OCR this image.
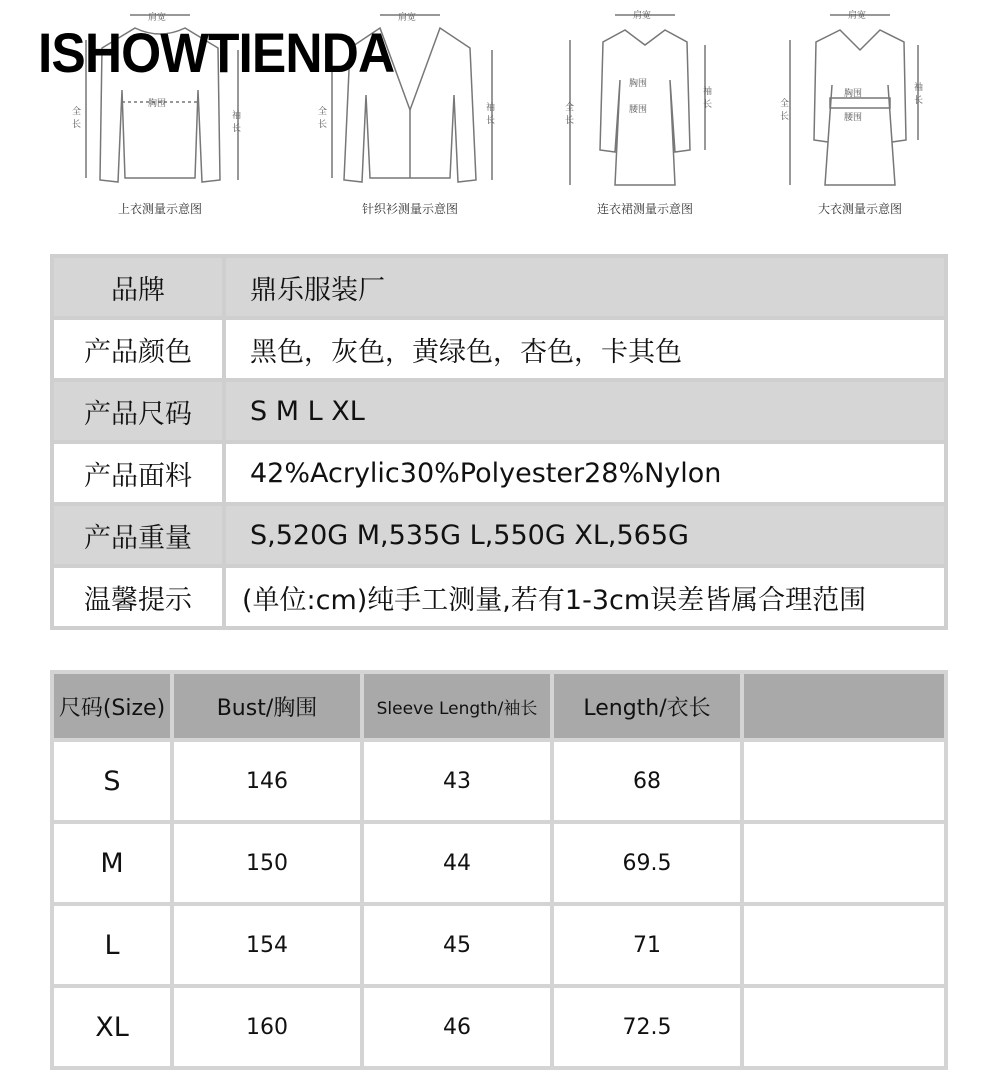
ISHOWTIENDA
肩宽
胸围
全长
袖长
上衣测量示意图
肩宽
全长
袖长
针织衫测量示意图
肩宽
胸围
腰围
全长
袖长
连衣裙测量示意图
肩宽
胸围
腰围
全长
袖长
大衣测量示意图
品牌	鼎乐服装厂
产品颜色	黑色，灰色，黄绿色，杏色，卡其色
产品尺码	S M L XL
产品面料	42%Acrylic30%Polyester28%Nylon
产品重量	S,520G M,535G L,550G XL,565G
温馨提示	(单位:cm)纯手工测量,若有1-3cm误差皆属合理范围
尺码(Size)	Bust/胸围	Sleeve Length/袖长	Length/衣长	
S	146	43	68	
M	150	44	69.5	
L	154	45	71	
XL	160	46	72.5	
